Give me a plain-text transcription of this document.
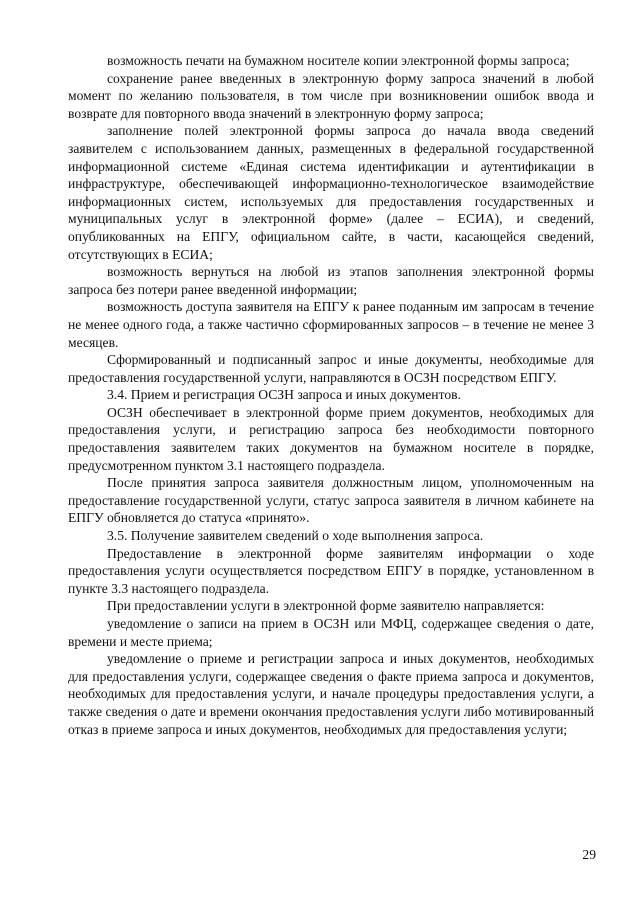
возможность печати на бумажном носителе копии электронной формы запроса;

сохранение ранее введенных в электронную форму запроса значений в любой момент по желанию пользователя, в том числе при возникновении ошибок ввода и возврате для повторного ввода значений в электронную форму запроса;

заполнение полей электронной формы запроса до начала ввода сведений заявителем с использованием данных, размещенных в федеральной государственной информационной системе «Единая система идентификации и аутентификации в инфраструктуре, обеспечивающей информационно-технологическое взаимодействие информационных систем, используемых для предоставления государственных и муниципальных услуг в электронной форме» (далее – ЕСИА), и сведений, опубликованных на ЕПГУ, официальном сайте, в части, касающейся сведений, отсутствующих в ЕСИА;

возможность вернуться на любой из этапов заполнения электронной формы запроса без потери ранее введенной информации;

возможность доступа заявителя на ЕПГУ к ранее поданным им запросам в течение не менее одного года, а также частично сформированных запросов – в течение не менее 3 месяцев.

Сформированный и подписанный запрос и иные документы, необходимые для предоставления государственной услуги, направляются в ОСЗН посредством ЕПГУ.

3.4. Прием и регистрация ОСЗН запроса и иных документов.

ОСЗН обеспечивает в электронной форме прием документов, необходимых для предоставления услуги, и регистрацию запроса без необходимости повторного предоставления заявителем таких документов на бумажном носителе в порядке, предусмотренном пунктом 3.1 настоящего подраздела.

После принятия запроса заявителя должностным лицом, уполномоченным на предоставление государственной услуги, статус запроса заявителя в личном кабинете на ЕПГУ обновляется до статуса «принято».

3.5. Получение заявителем сведений о ходе выполнения запроса.

Предоставление в электронной форме заявителям информации о ходе предоставления услуги осуществляется посредством ЕПГУ в порядке, установленном в пункте 3.3 настоящего подраздела.

При предоставлении услуги в электронной форме заявителю направляется:

уведомление о записи на прием в ОСЗН или МФЦ, содержащее сведения о дате, времени и месте приема;

уведомление о приеме и регистрации запроса и иных документов, необходимых для предоставления услуги, содержащее сведения о факте приема запроса и документов, необходимых для предоставления услуги, и начале процедуры предоставления услуги, а также сведения о дате и времени окончания предоставления услуги либо мотивированный отказ в приеме запроса и иных документов, необходимых для предоставления услуги;

29
